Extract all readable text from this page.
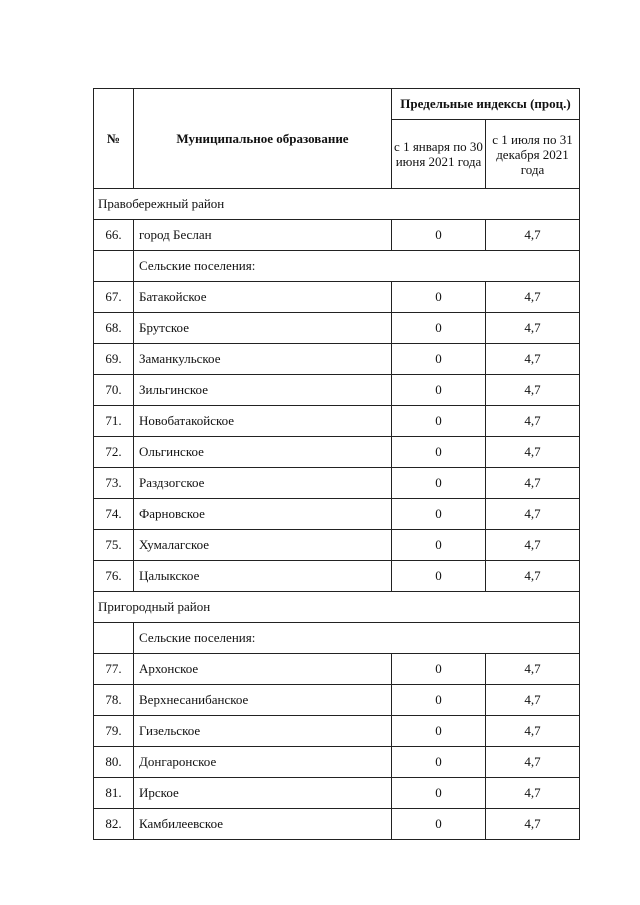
№	Муниципальное образование	Предельные индексы (проц.)	
		с 1 января по 30 июня 2021 года	с 1 июля по 31 декабря 2021 года
Правобережный район			
66.	город Беслан	0	4,7
	Сельские поселения:		
67.	Батакойское	0	4,7
68.	Брутское	0	4,7
69.	Заманкульское	0	4,7
70.	Зильгинское	0	4,7
71.	Новобатакойское	0	4,7
72.	Ольгинское	0	4,7
73.	Раздзогское	0	4,7
74.	Фарновское	0	4,7
75.	Хумалагское	0	4,7
76.	Цалыкское	0	4,7
Пригородный район			
	Сельские поселения:		
77.	Архонское	0	4,7
78.	Верхнесанибанское	0	4,7
79.	Гизельское	0	4,7
80.	Донгаронское	0	4,7
81.	Ирское	0	4,7
82.	Камбилеевское	0	4,7
